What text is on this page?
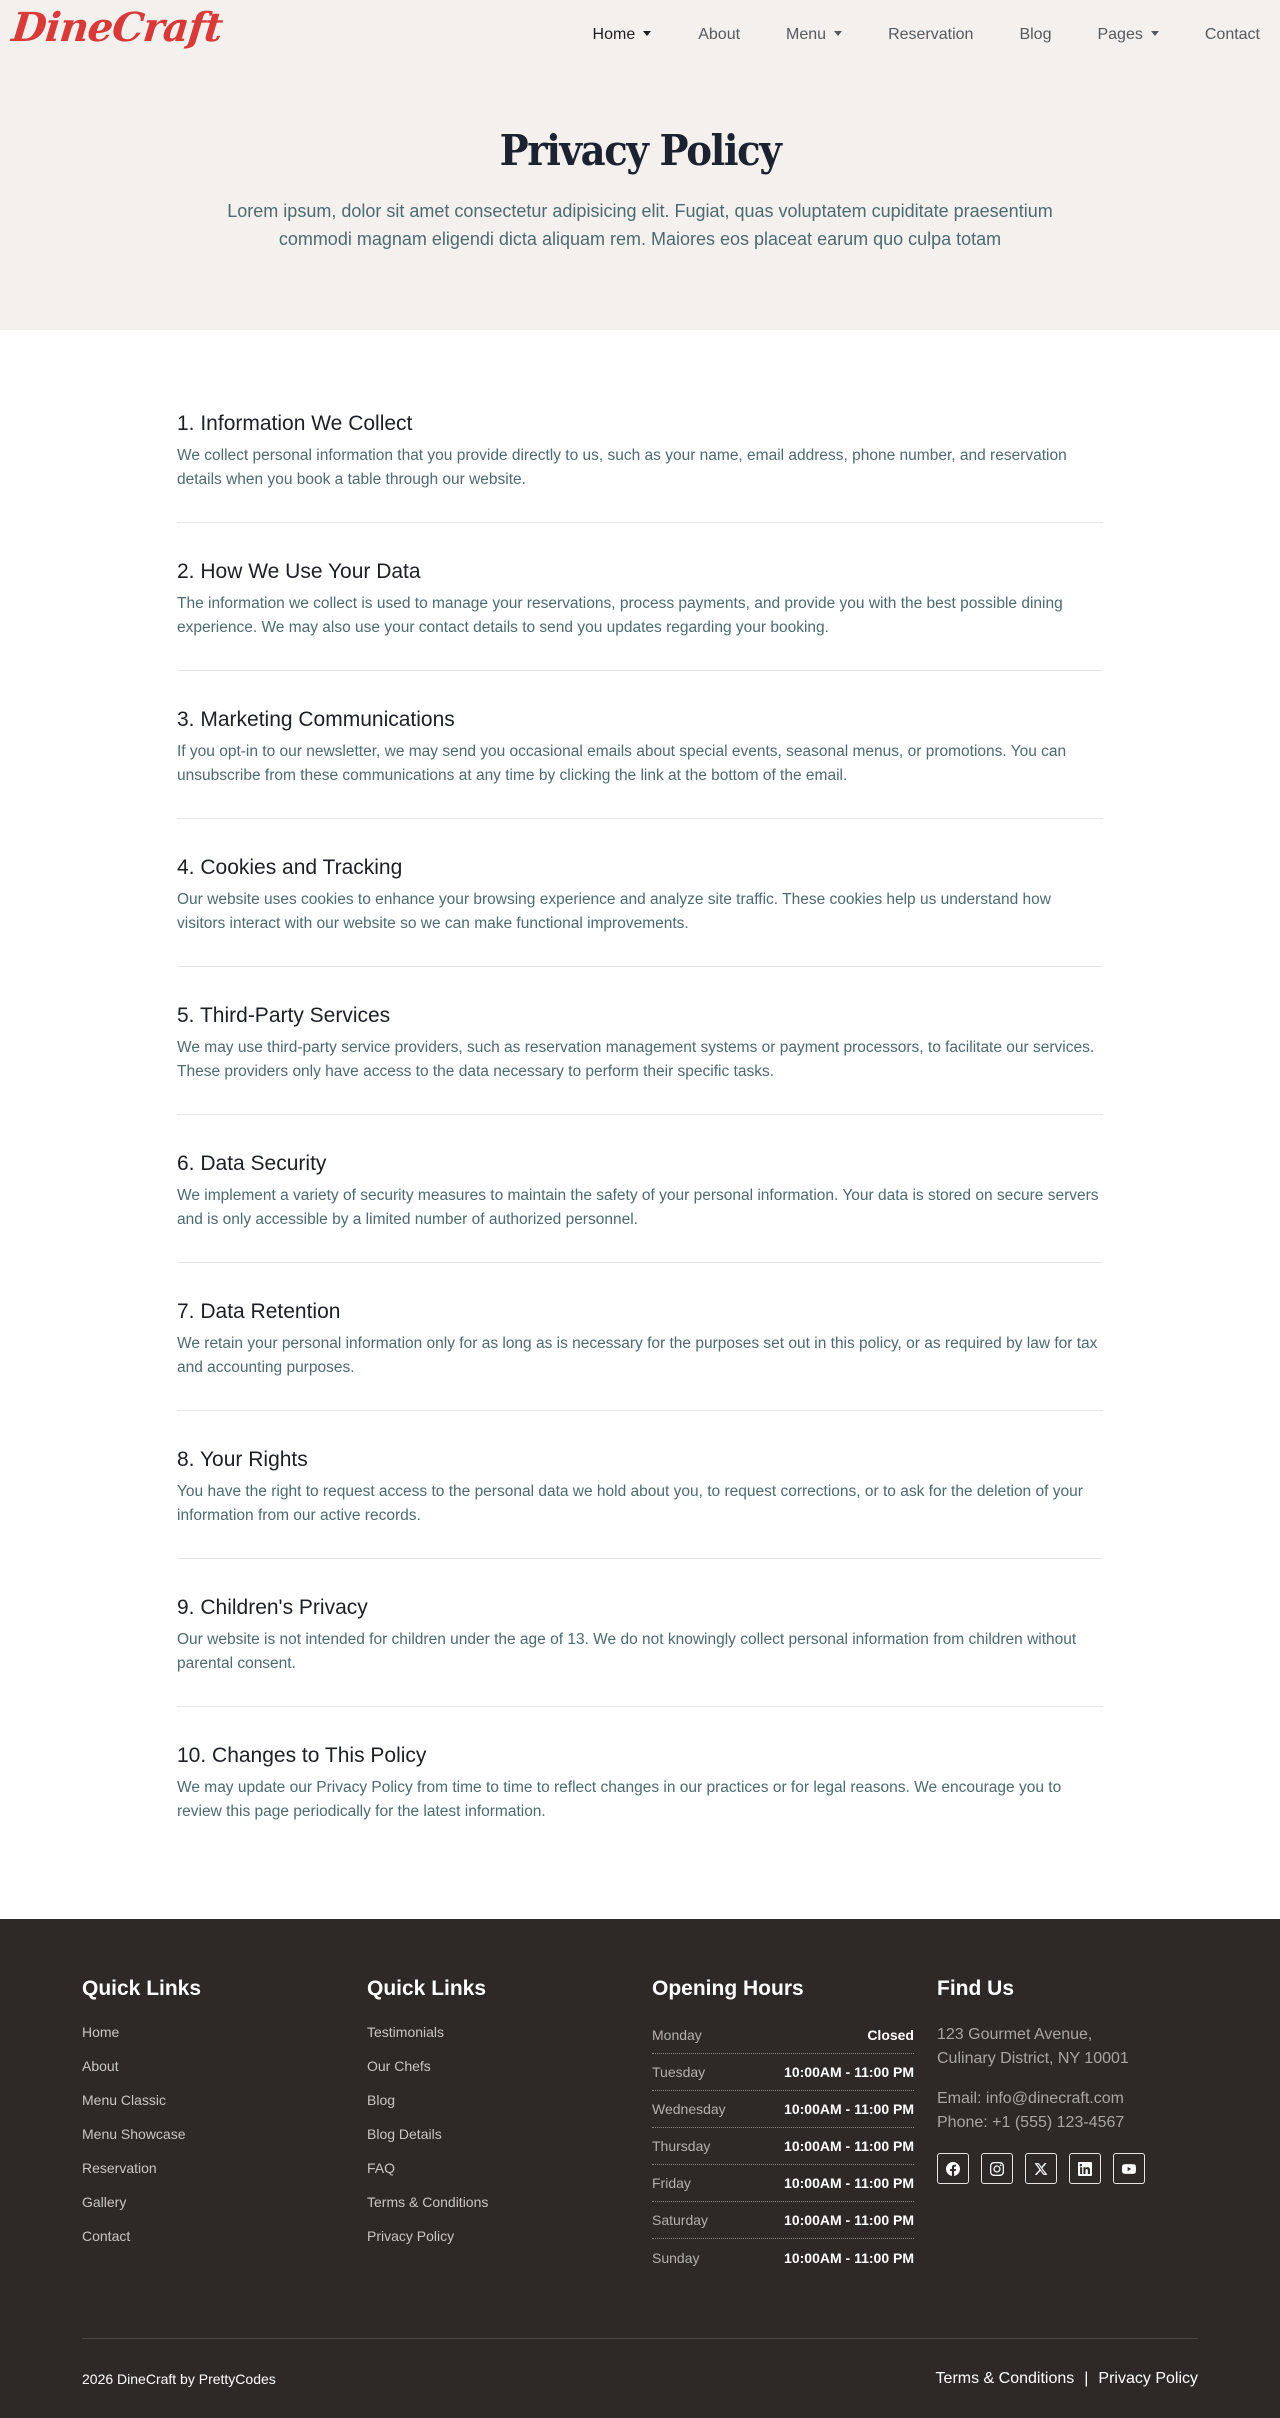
DineCraft	Home	About	Menu	Reservation	Blog	Pages	Contact
Privacy Policy

Lorem ipsum, dolor sit amet consectetur adipisicing elit. Fugiat, quas voluptatem cupiditate praesentium commodi magnam eligendi dicta aliquam rem. Maiores eos placeat earum quo culpa totam

1. Information We Collect

We collect personal information that you provide directly to us, such as your name, email address, phone number, and reservation details when you book a table through our website.

2. How We Use Your Data

The information we collect is used to manage your reservations, process payments, and provide you with the best possible dining experience. We may also use your contact details to send you updates regarding your booking.

3. Marketing Communications

If you opt-in to our newsletter, we may send you occasional emails about special events, seasonal menus, or promotions. You can unsubscribe from these communications at any time by clicking the link at the bottom of the email.

4. Cookies and Tracking

Our website uses cookies to enhance your browsing experience and analyze site traffic. These cookies help us understand how visitors interact with our website so we can make functional improvements.

5. Third-Party Services

We may use third-party service providers, such as reservation management systems or payment processors, to facilitate our services. These providers only have access to the data necessary to perform their specific tasks.

6. Data Security

We implement a variety of security measures to maintain the safety of your personal information. Your data is stored on secure servers and is only accessible by a limited number of authorized personnel.

7. Data Retention

We retain your personal information only for as long as is necessary for the purposes set out in this policy, or as required by law for tax and accounting purposes.

8. Your Rights

You have the right to request access to the personal data we hold about you, to request corrections, or to ask for the deletion of your information from our active records.

9. Children's Privacy

Our website is not intended for children under the age of 13. We do not knowingly collect personal information from children without parental consent.

10. Changes to This Policy

We may update our Privacy Policy from time to time to reflect changes in our practices or for legal reasons. We encourage you to review this page periodically for the latest information.

Quick Links
Home
About
Menu Classic
Menu Showcase
Reservation
Gallery
Contact
Quick Links
Testimonials
Our Chefs
Blog
Blog Details
FAQ
Terms & Conditions
Privacy Policy
Opening Hours
Monday	Closed
Tuesday	10:00AM - 11:00 PM
Wednesday	10:00AM - 11:00 PM
Thursday	10:00AM - 11:00 PM
Friday	10:00AM - 11:00 PM
Saturday	10:00AM - 11:00 PM
Sunday	10:00AM - 11:00 PM
Find Us

123 Gourmet Avenue,

Culinary District, NY 10001

Email: info@dinecraft.com

Phone: +1 (555) 123-4567

2026 DineCraft by PrettyCodes	Terms & Conditions | Privacy Policy
